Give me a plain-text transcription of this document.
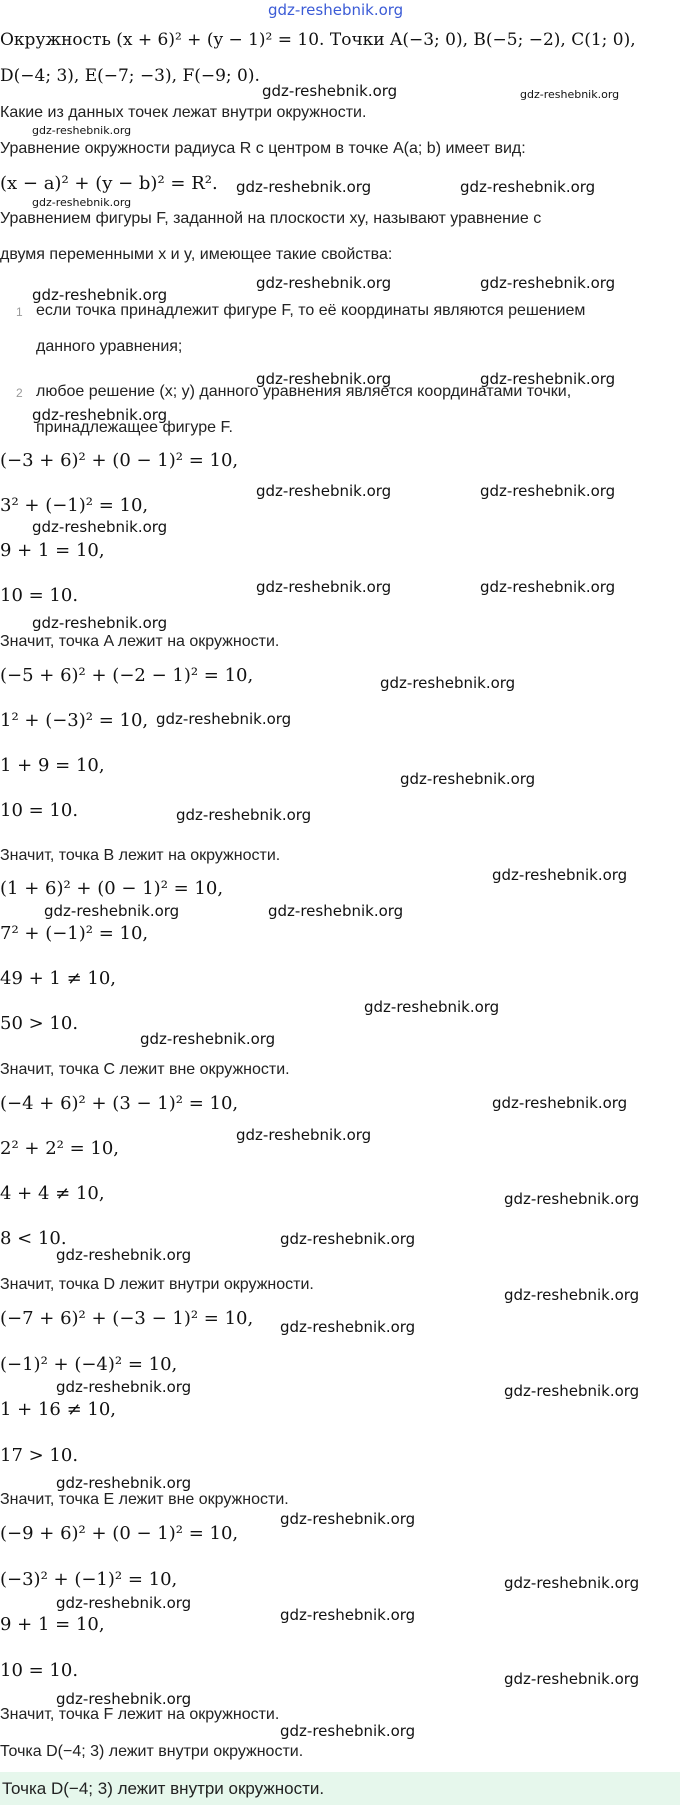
gdz-reshebnik.org
Окружность (x + 6)² + (y − 1)² = 10. Точки A(−3; 0), B(−5; −2), C(1; 0),
D(−4; 3), E(−7; −3), F(−9; 0).
Какие из данных точек лежат внутри окружности.
Уравнение окружности радиуса R с центром в точке A(a; b) имеет вид:
(x − a)² + (y − b)² = R².
Уравнением фигуры F, заданной на плоскости xy, называют уравнение с
двумя переменными x и y, имеющее такие свойства:
1 если точка принадлежит фигуре F, то её координаты являются решением
данного уравнения;
2 любое решение (x; y) данного уравнения является координатами точки,
принадлежащее фигуре F.
(−3 + 6)² + (0 − 1)² = 10,
3² + (−1)² = 10,
9 + 1 = 10,
10 = 10.
Значит, точка A лежит на окружности.
(−5 + 6)² + (−2 − 1)² = 10,
1² + (−3)² = 10,
1 + 9 = 10,
10 = 10.
Значит, точка B лежит на окружности.
(1 + 6)² + (0 − 1)² = 10,
7² + (−1)² = 10,
49 + 1 ≠ 10,
50 > 10.
Значит, точка C лежит вне окружности.
(−4 + 6)² + (3 − 1)² = 10,
2² + 2² = 10,
4 + 4 ≠ 10,
8 < 10.
Значит, точка D лежит внутри окружности.
(−7 + 6)² + (−3 − 1)² = 10,
(−1)² + (−4)² = 10,
1 + 16 ≠ 10,
17 > 10.
Значит, точка E лежит вне окружности.
(−9 + 6)² + (0 − 1)² = 10,
(−3)² + (−1)² = 10,
9 + 1 = 10,
10 = 10.
Значит, точка F лежит на окружности.
Точка D(−4; 3) лежит внутри окружности.
Точка D(−4; 3) лежит внутри окружности.
gdz-reshebnik.org	gdz-reshebnik.org
gdz-reshebnik.org
gdz-reshebnik.org	gdz-reshebnik.org
gdz-reshebnik.org
gdz-reshebnik.org	gdz-reshebnik.org
gdz-reshebnik.org
gdz-reshebnik.org	gdz-reshebnik.org
gdz-reshebnik.org
gdz-reshebnik.org	gdz-reshebnik.org
gdz-reshebnik.org
gdz-reshebnik.org	gdz-reshebnik.org
gdz-reshebnik.org
gdz-reshebnik.org
gdz-reshebnik.org
gdz-reshebnik.org
gdz-reshebnik.org
gdz-reshebnik.org
gdz-reshebnik.org	gdz-reshebnik.org
gdz-reshebnik.org
gdz-reshebnik.org
gdz-reshebnik.org
gdz-reshebnik.org
gdz-reshebnik.org
gdz-reshebnik.org
gdz-reshebnik.org
gdz-reshebnik.org
gdz-reshebnik.org
gdz-reshebnik.org	gdz-reshebnik.org
gdz-reshebnik.org
gdz-reshebnik.org
gdz-reshebnik.org
gdz-reshebnik.org
gdz-reshebnik.org
gdz-reshebnik.org
gdz-reshebnik.org
gdz-reshebnik.org
